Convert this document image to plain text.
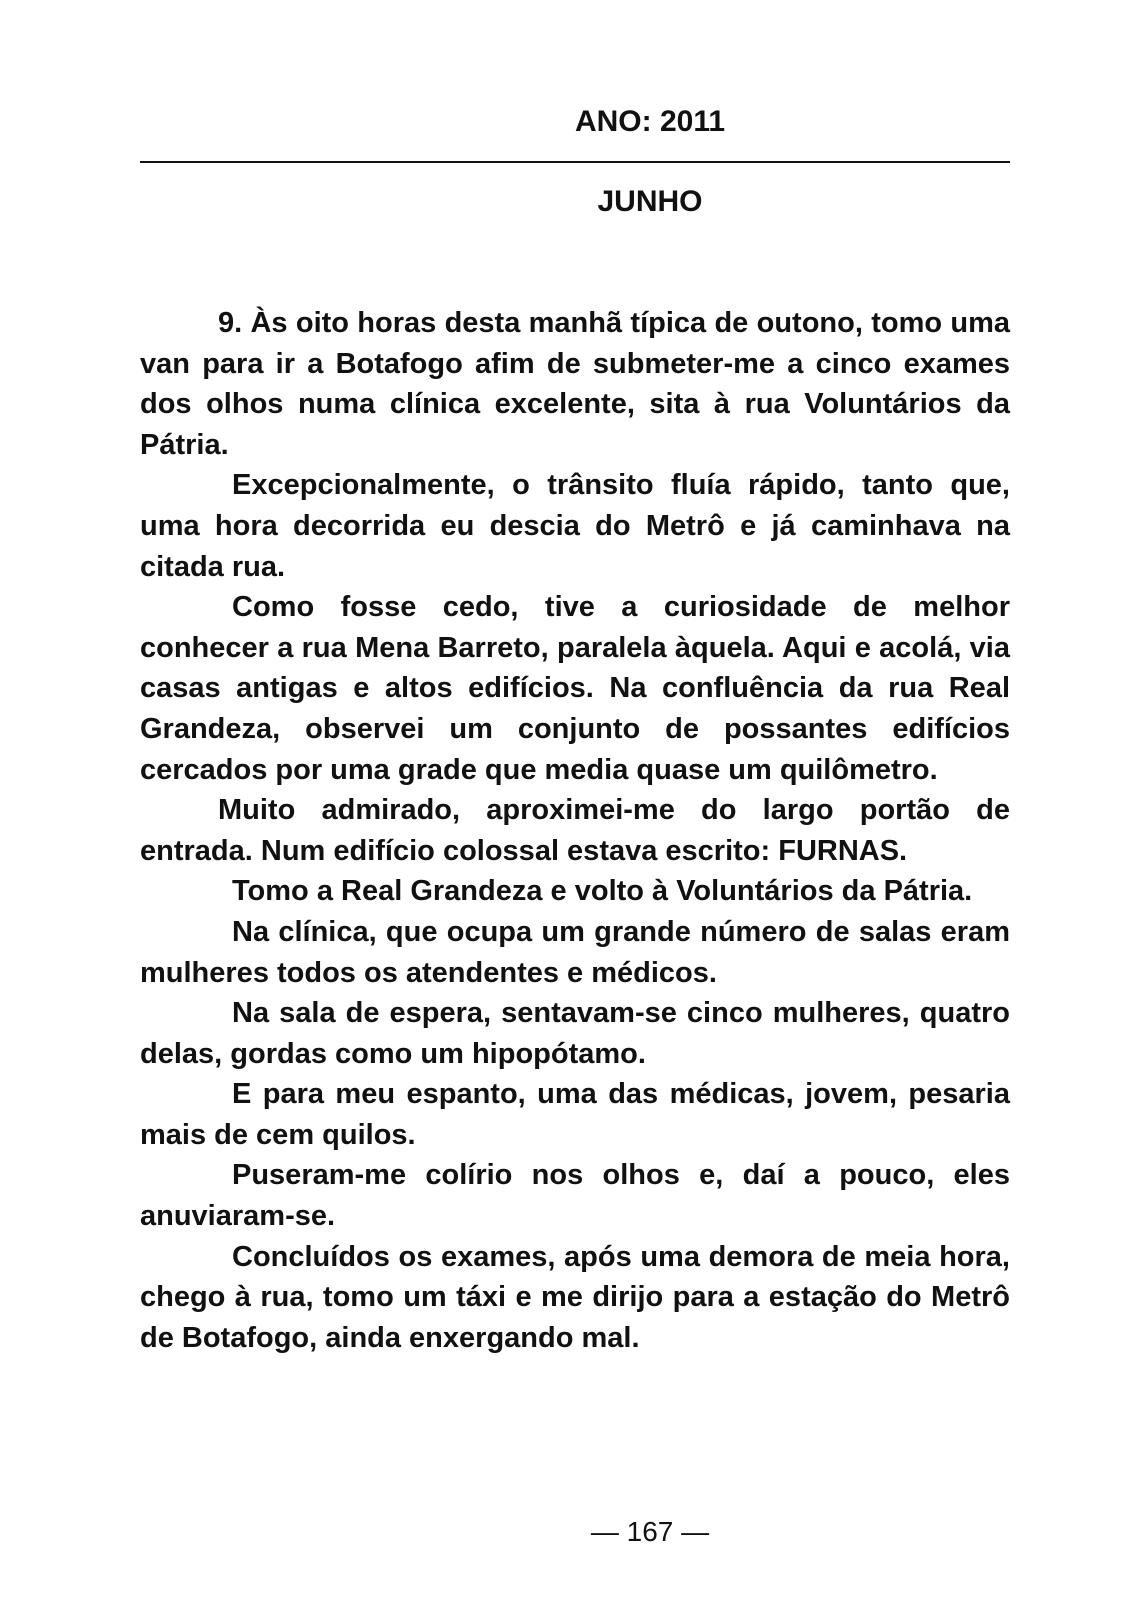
ANO: 2011
JUNHO

9. Às oito horas desta manhã típica de outono, tomo uma van para ir a Botafogo afim de submeter-me a cinco exames dos olhos numa clínica excelente, sita à rua Voluntários da Pátria.

Excepcionalmente, o trânsito fluía rápido, tanto que, uma hora decorrida eu descia do Metrô e já caminhava na citada rua.

Como fosse cedo, tive a curiosidade de melhor conhecer a rua Mena Barreto, paralela àquela. Aqui e acolá, via casas antigas e altos edifícios. Na confluência da rua Real Grandeza, observei um conjunto de possantes edifícios cercados por uma grade que media quase um quilômetro.

Muito admirado, aproximei-me do largo portão de entrada. Num edifício colossal estava escrito: FURNAS.

Tomo a Real Grandeza e volto à Voluntários da Pátria.

Na clínica, que ocupa um grande número de salas eram mulheres todos os atendentes e médicos.

Na sala de espera, sentavam-se cinco mulheres, quatro delas, gordas como um hipopótamo.

E para meu espanto, uma das médicas, jovem, pesaria mais de cem quilos.

Puseram-me colírio nos olhos e, daí a pouco, eles anuviaram-se.

Concluídos os exames, após uma demora de meia hora, chego à rua, tomo um táxi e me dirijo para a estação do Metrô de Botafogo, ainda enxergando mal.

— 167 —
